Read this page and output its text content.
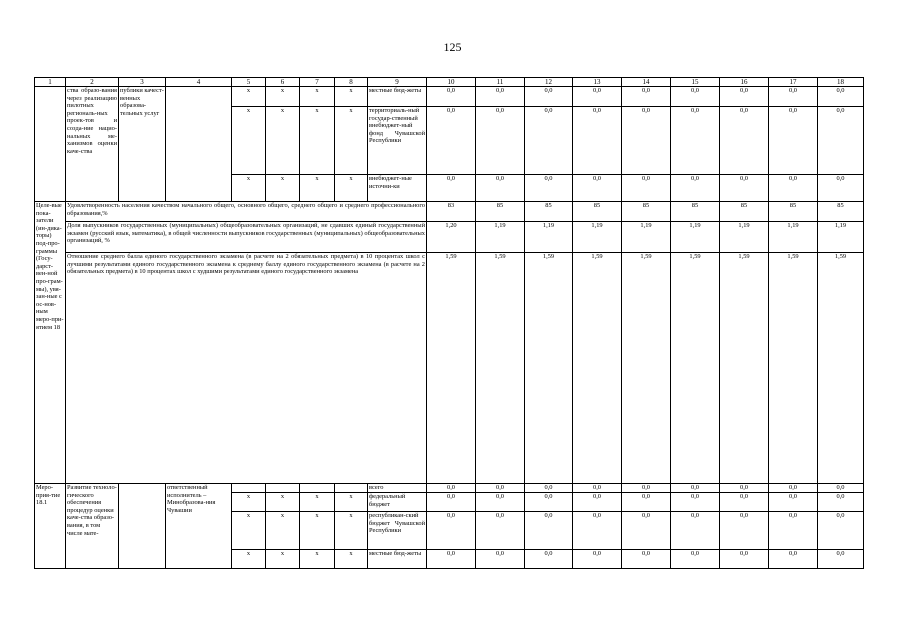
125
1	2	3	4	5	6	7	8	9	10	11	12	13	14	15	16	17	18
	ства образо-вания через реализацию пилотных региональ-ных проек-тов и созда-ние нацио-нальных ме-ханизмов оценки каче-ства	публики качест-венных образова-тельных услуг		x	x	x	x	местные бюд-жеты	0,0	0,0	0,0	0,0	0,0	0,0	0,0	0,0	0,0
				x	x	x	x	территориаль-ный государ-ственный внебюджет-ный фонд Чувашской Республики	0,0	0,0	0,0	0,0	0,0	0,0	0,0	0,0	0,0
				x	x	x	x	внебюджет-ные источни-ки	0,0	0,0	0,0	0,0	0,0	0,0	0,0	0,0	0,0
Целе-вые пока-затели (ин-дика-торы) под-про-граммы (Госу-дарст-вен-ной про-грам-мы), увя-зан-ные с ос-нов-ным меро-при-ятием 18	Удовлетворенность населения качеством начального общего, основного общего, среднего общего и среднего профессионального образования,%								83	85	85	85	85	85	85	85	85
	Доля выпускников государственных (муниципальных) общеобразовательных организаций, не сдавших единый государственный экзамен (русский язык, математика), в общей численности выпускников государственных (муниципальных) общеобразовательных организаций, %								1,20	1,19	1,19	1,19	1,19	1,19	1,19	1,19	1,19
	Отношение среднего балла единого государственного экзамена (в расчете на 2 обязательных предмета) в 10 процентах школ с лучшими результатами единого государственного экзамена к среднему баллу единого государственного экзамена (в расчете на 2 обязательных предмета) в 10 процентах школ с худшими результатами единого государственного экзамена								1,59	1,59	1,59	1,59	1,59	1,59	1,59	1,59	1,59
Меро-прия-тие 18.1	Развитие техноло-гического обеспечения процедур оценки каче-ства образо-вания, в том числе мате-		ответственный исполнитель – Минобразова-ния Чувашии					всего	0,0	0,0	0,0	0,0	0,0	0,0	0,0	0,0	0,0
				x	x	x	x	федеральный бюджет	0,0	0,0	0,0	0,0	0,0	0,0	0,0	0,0	0,0
				x	x	x	x	республикан-ский бюджет Чувашской Республики	0,0	0,0	0,0	0,0	0,0	0,0	0,0	0,0	0,0
				x	x	x	x	местные бюд-жеты	0,0	0,0	0,0	0,0	0,0	0,0	0,0	0,0	0,0
